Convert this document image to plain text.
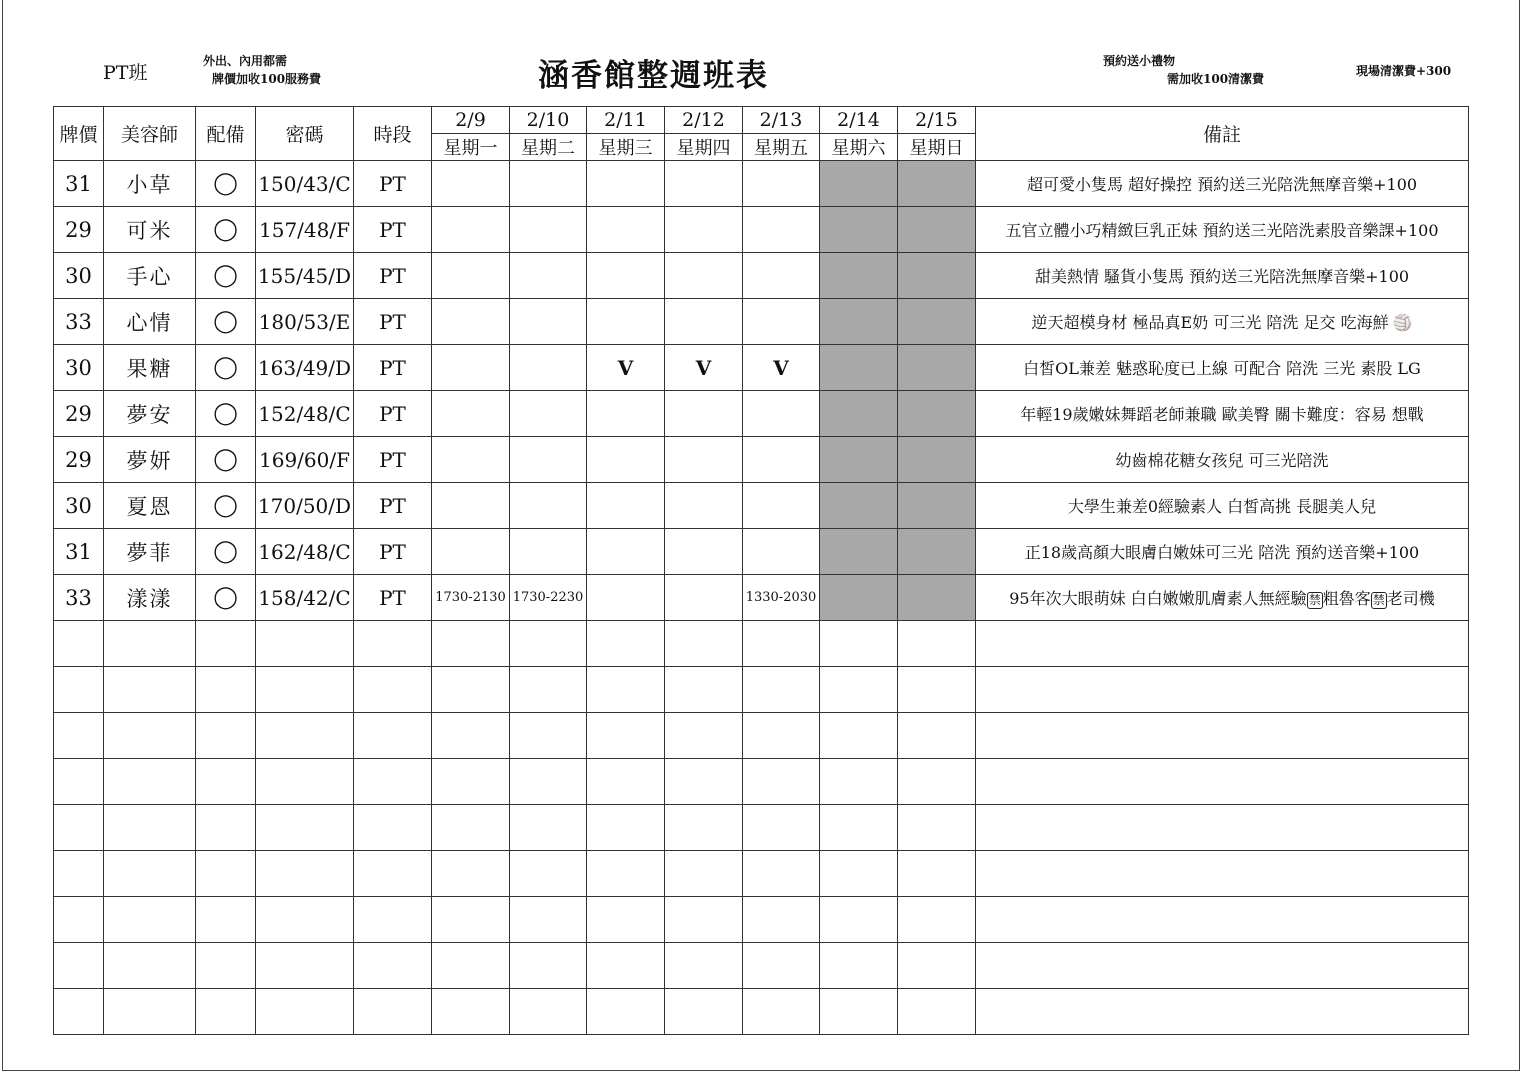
PT班
外出、內用都需
牌價加收100服務費	涵香館整週班表	預約送小禮物
需加收100清潔費
現場清潔費+300
牌價	美容師	配備	密碼	時段	2/9	2/10	2/11	2/12	2/13	2/14	2/15	備註
					星期一	星期二	星期三	星期四	星期五	星期六	星期日	
31	小草	◯	150/43/C	PT								超可愛小隻馬 超好操控 預約送三光陪洗無摩音樂+100
29	可米	◯	157/48/F	PT								五官立體小巧精緻巨乳正妹 預約送三光陪洗素股音樂課+100
30	手心	◯	155/45/D	PT								甜美熱情 騷貨小隻馬 預約送三光陪洗無摩音樂+100
33	心情	◯	180/53/E	PT								逆天超模身材 極品真E奶 可三光 陪洗 足交 吃海鮮 🏐
30	果糖	◯	163/49/D	PT			V	V	V			白皙OL兼差 魅惑恥度已上線 可配合 陪洗 三光 素股 LG
29	夢安	◯	152/48/C	PT								年輕19歲嫩妹舞蹈老師兼職 歐美臀 關卡難度：容易 想戰
29	夢妍	◯	169/60/F	PT								幼齒棉花糖女孩兒 可三光陪洗
30	夏恩	◯	170/50/D	PT								大學生兼差0經驗素人 白皙高挑 長腿美人兒
31	夢菲	◯	162/48/C	PT								正18歲高顏大眼膚白嫩妹可三光 陪洗 預約送音樂+100
33	漾漾	◯	158/42/C	PT	1730-2130	1730-2230			1330-2030			95年次大眼萌妹 白白嫩嫩肌膚素人無經驗 禁 粗魯客 禁 老司機
